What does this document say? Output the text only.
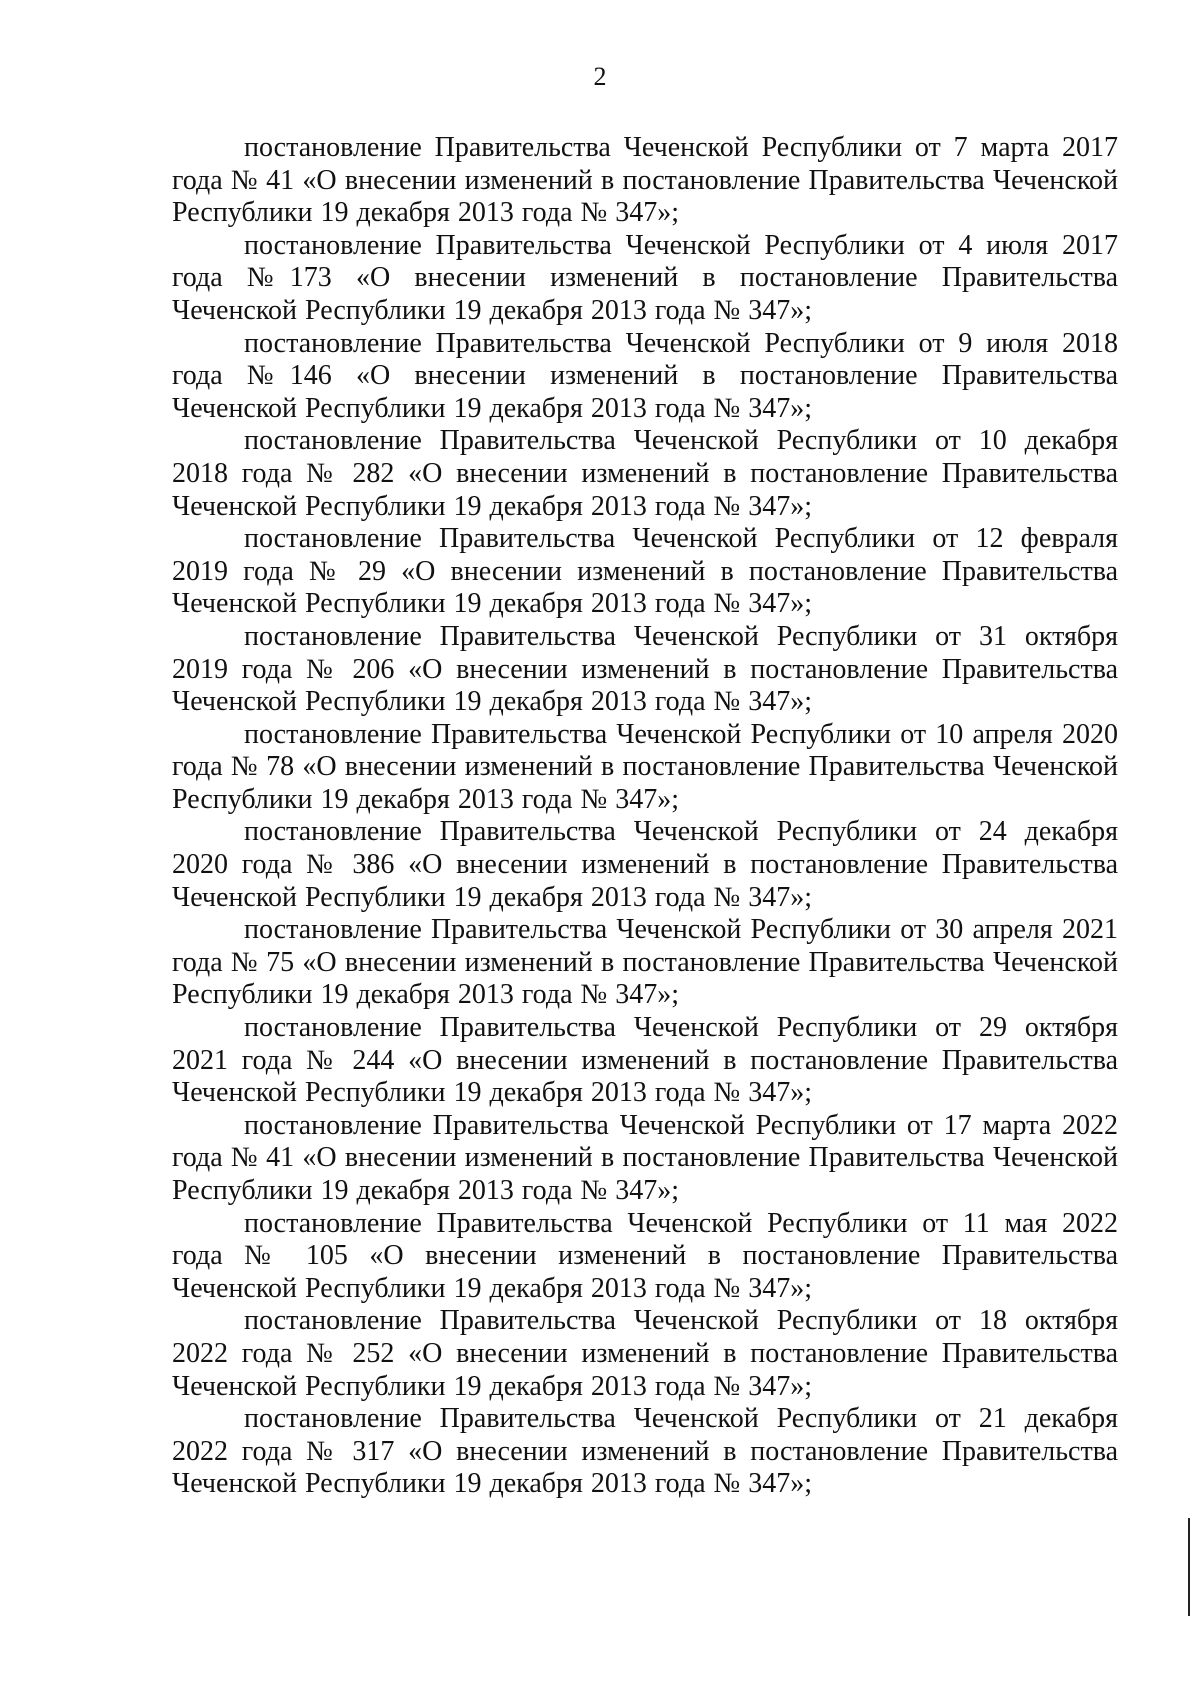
2

постановление Правительства Чеченской Республики от 7 марта 2017 года № 41 «О внесении изменений в постановление Правительства Чеченской Республики 19 декабря 2013 года № 347»;

постановление Правительства Чеченской Республики от 4 июля 2017 года №173 «О внесении изменений в постановление Правительства Чеченской Республики 19 декабря 2013 года № 347»;

постановление Правительства Чеченской Республики от 9 июля 2018 года №146 «О внесении изменений в постановление Правительства Чеченской Республики 19 декабря 2013 года № 347»;

постановление Правительства Чеченской Республики от 10 декабря 2018 года № 282 «О внесении изменений в постановление Правительства Чеченской Республики 19 декабря 2013 года № 347»;

постановление Правительства Чеченской Республики от 12 февраля 2019 года № 29 «О внесении изменений в постановление Правительства Чеченской Республики 19 декабря 2013 года № 347»;

постановление Правительства Чеченской Республики от 31 октября 2019 года № 206 «О внесении изменений в постановление Правительства Чеченской Республики 19 декабря 2013 года № 347»;

постановление Правительства Чеченской Республики от 10 апреля 2020 года № 78 «О внесении изменений в постановление Правительства Чеченской Республики 19 декабря 2013 года № 347»;

постановление Правительства Чеченской Республики от 24 декабря 2020 года № 386 «О внесении изменений в постановление Правительства Чеченской Республики 19 декабря 2013 года № 347»;

постановление Правительства Чеченской Республики от 30 апреля 2021 года № 75 «О внесении изменений в постановление Правительства Чеченской Республики 19 декабря 2013 года № 347»;

постановление Правительства Чеченской Республики от 29 октября 2021 года № 244 «О внесении изменений в постановление Правительства Чеченской Республики 19 декабря 2013 года № 347»;

постановление Правительства Чеченской Республики от 17 марта 2022 года № 41 «О внесении изменений в постановление Правительства Чеченской Республики 19 декабря 2013 года № 347»;

постановление Правительства Чеченской Республики от 11 мая 2022 года № 105 «О внесении изменений в постановление Правительства Чеченской Республики 19 декабря 2013 года № 347»;

постановление Правительства Чеченской Республики от 18 октября 2022 года № 252 «О внесении изменений в постановление Правительства Чеченской Республики 19 декабря 2013 года № 347»;

постановление Правительства Чеченской Республики от 21 декабря 2022 года № 317 «О внесении изменений в постановление Правительства Чеченской Республики 19 декабря 2013 года № 347»;
